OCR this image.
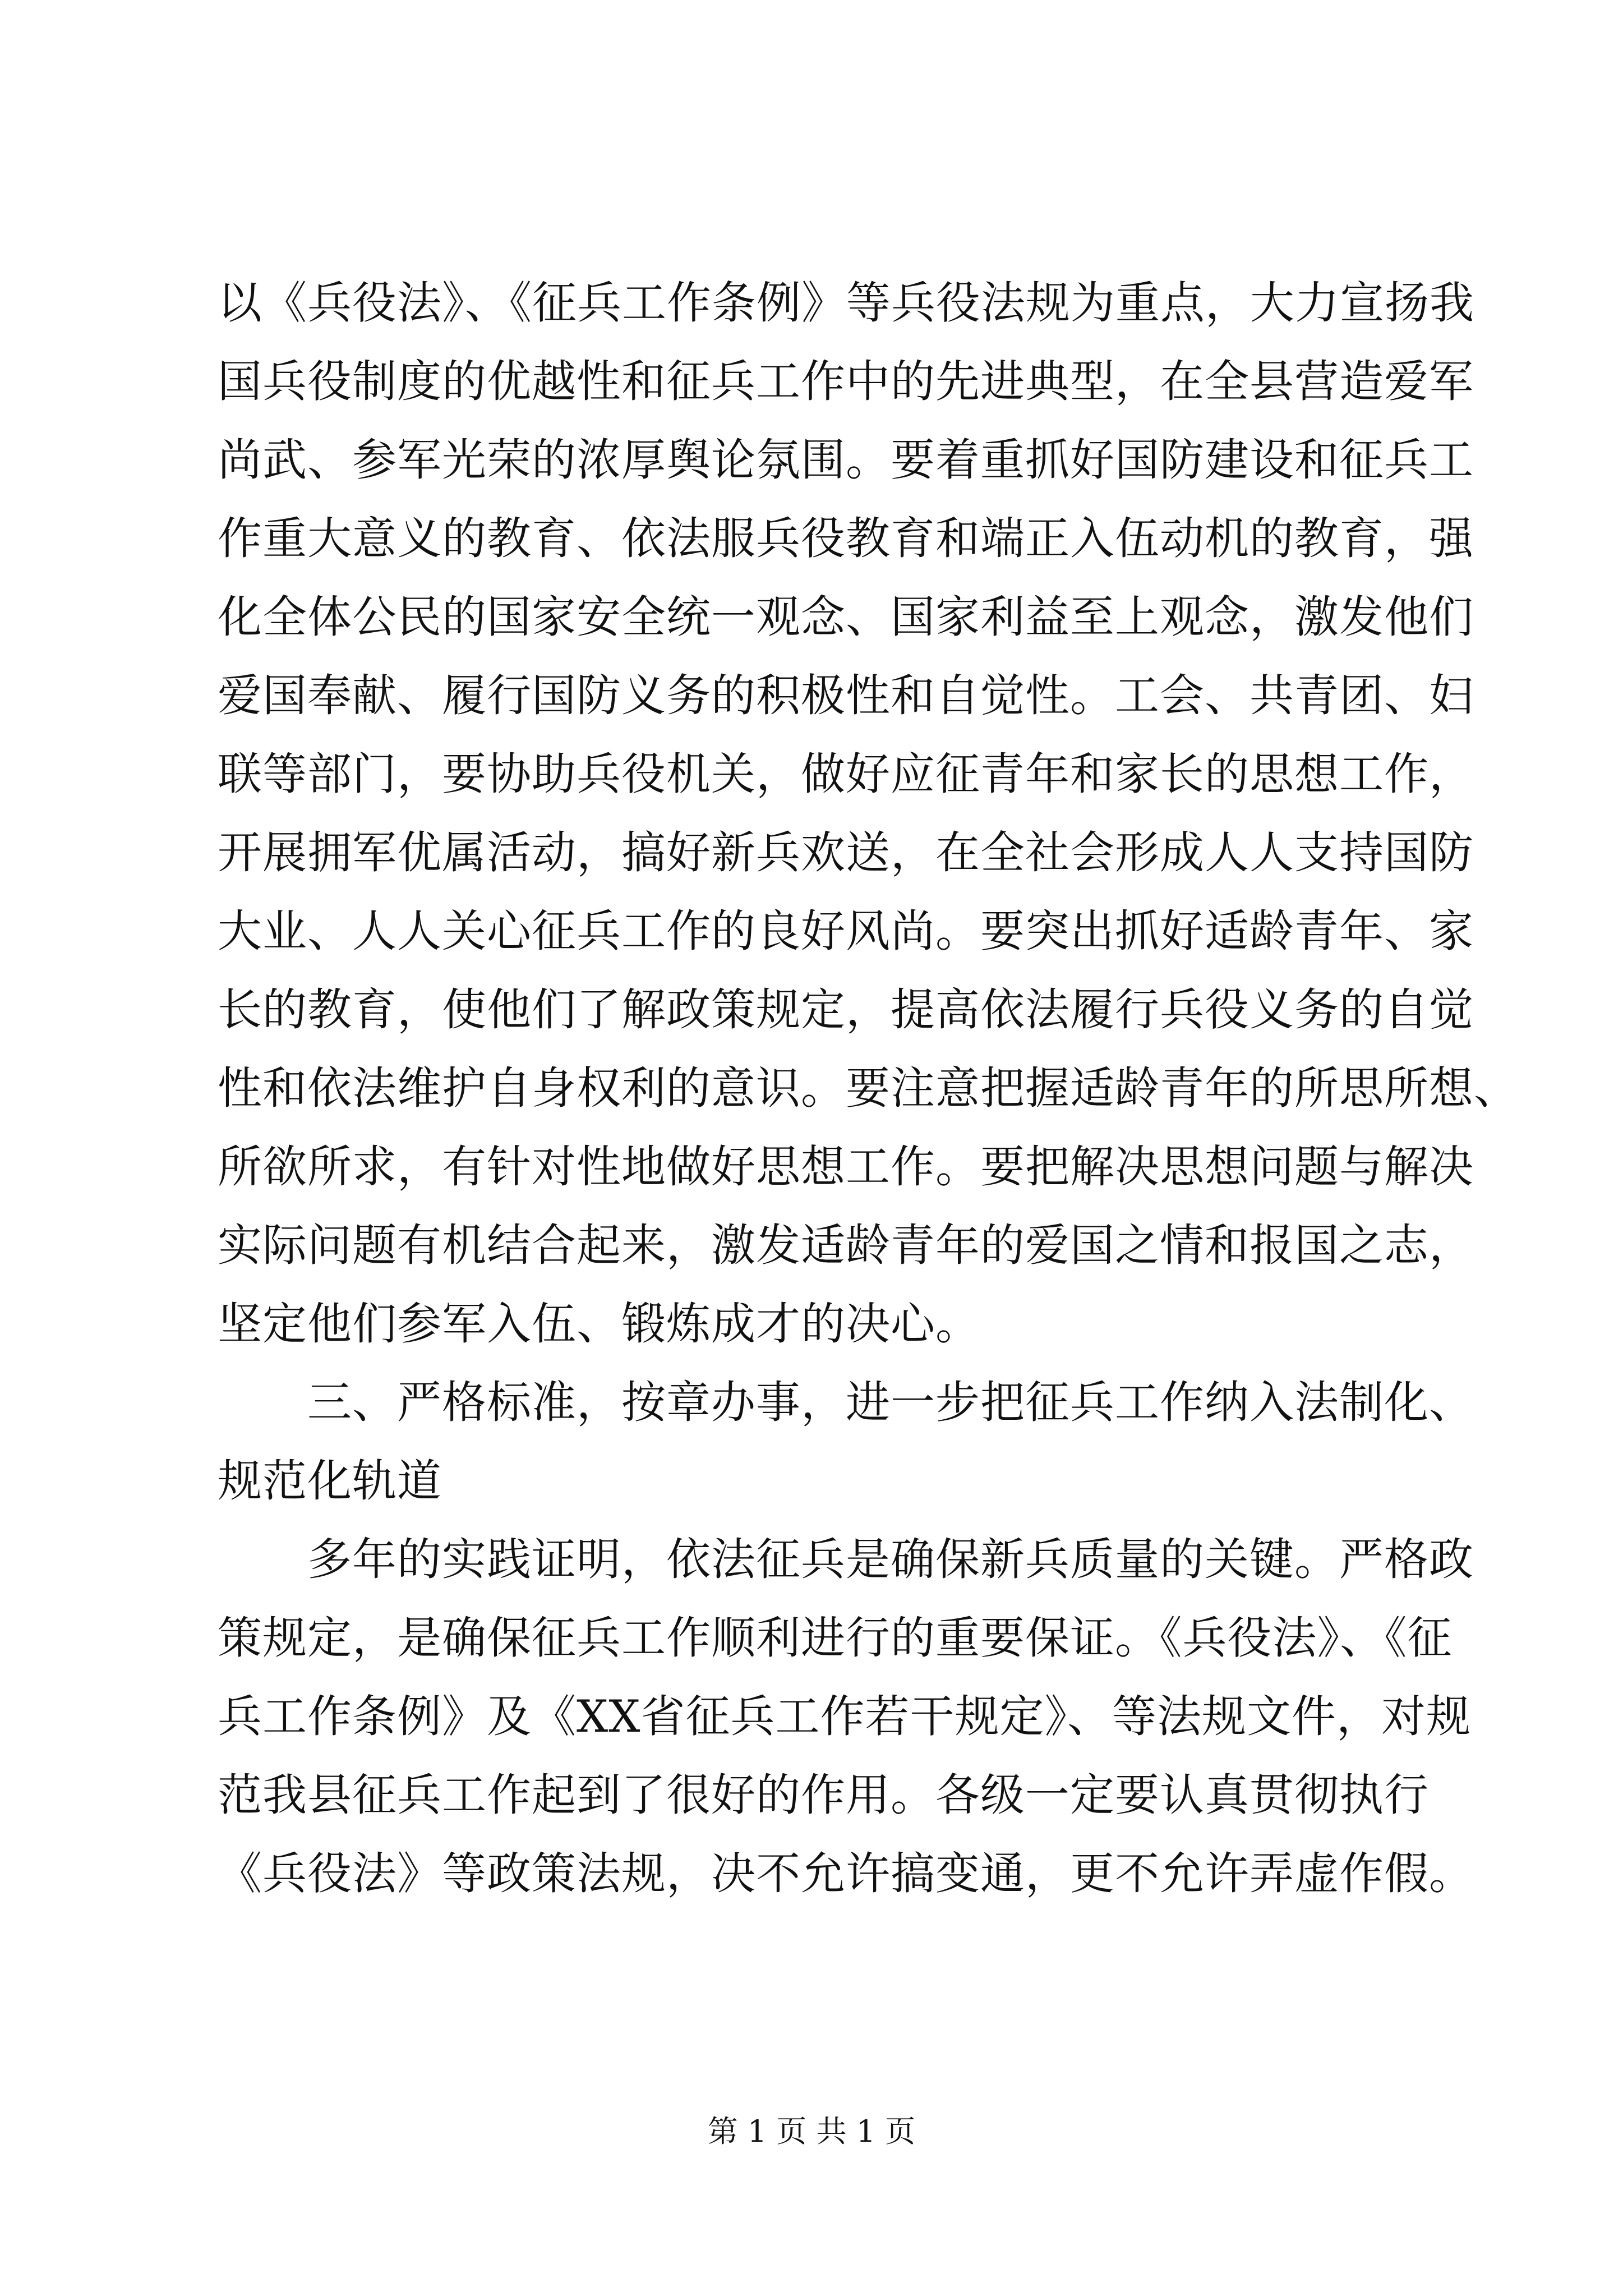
以《兵役法》、《征兵工作条例》等兵役法规为重点，大力宣扬我
国兵役制度的优越性和征兵工作中的先进典型，在全县营造爱军
尚武、参军光荣的浓厚舆论氛围。要着重抓好国防建设和征兵工
作重大意义的教育、依法服兵役教育和端正入伍动机的教育，强
化全体公民的国家安全统一观念、国家利益至上观念，激发他们
爱国奉献、履行国防义务的积极性和自觉性。工会、共青团、妇
联等部门，要协助兵役机关，做好应征青年和家长的思想工作，
开展拥军优属活动，搞好新兵欢送，在全社会形成人人支持国防
大业、人人关心征兵工作的良好风尚。要突出抓好适龄青年、家
长的教育，使他们了解政策规定，提高依法履行兵役义务的自觉
性和依法维护自身权利的意识。要注意把握适龄青年的所思所想、
所欲所求，有针对性地做好思想工作。要把解决思想问题与解决
实际问题有机结合起来，激发适龄青年的爱国之情和报国之志，
坚定他们参军入伍、锻炼成才的决心。
　　三、严格标准，按章办事，进一步把征兵工作纳入法制化、
规范化轨道
　　多年的实践证明，依法征兵是确保新兵质量的关键。严格政
策规定，是确保征兵工作顺利进行的重要保证。《兵役法》、《征
兵工作条例》及《XX省征兵工作若干规定》、等法规文件，对规
范我县征兵工作起到了很好的作用。各级一定要认真贯彻执行
《兵役法》等政策法规，决不允许搞变通，更不允许弄虚作假。
第 1 页 共 1 页
